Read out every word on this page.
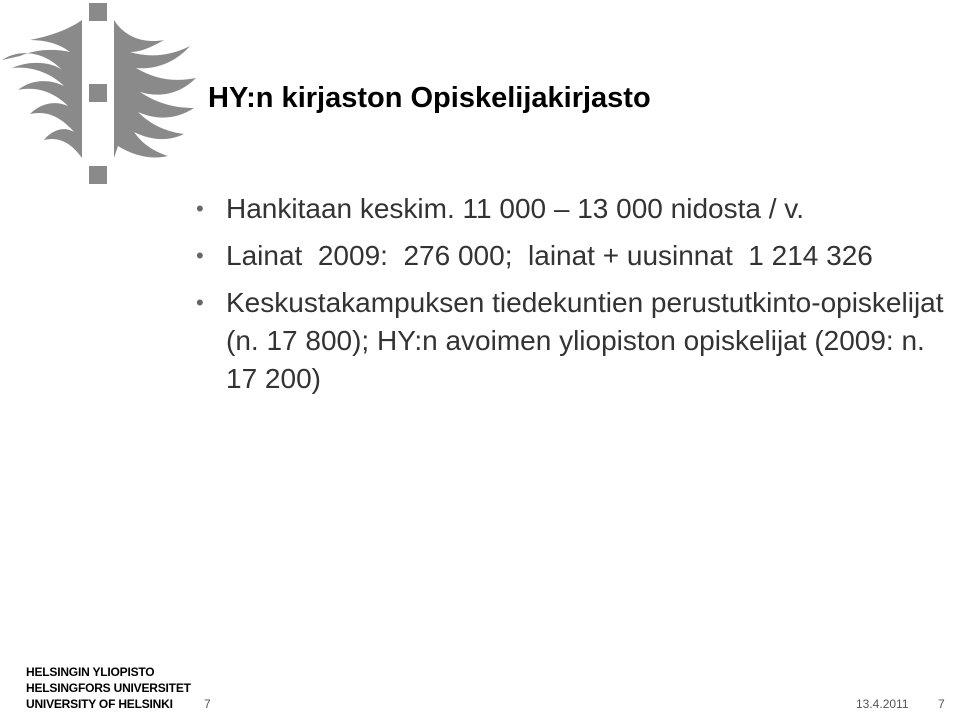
HY:n kirjaston Opiskelijakirjasto
• Hankitaan keskim. 11 000 – 13 000 nidosta / v.
• Lainat  2009:  276 000;  lainat + uusinnat  1 214 326
• Keskustakampuksen tiedekuntien perustutkinto-opiskelijat (n. 17 800); HY:n avoimen yliopiston opiskelijat (2009: n. 17 200)
HELSINGIN YLIOPISTO
HELSINGFORS UNIVERSITET
UNIVERSITY OF HELSINKI	7	13.4.2011 7
